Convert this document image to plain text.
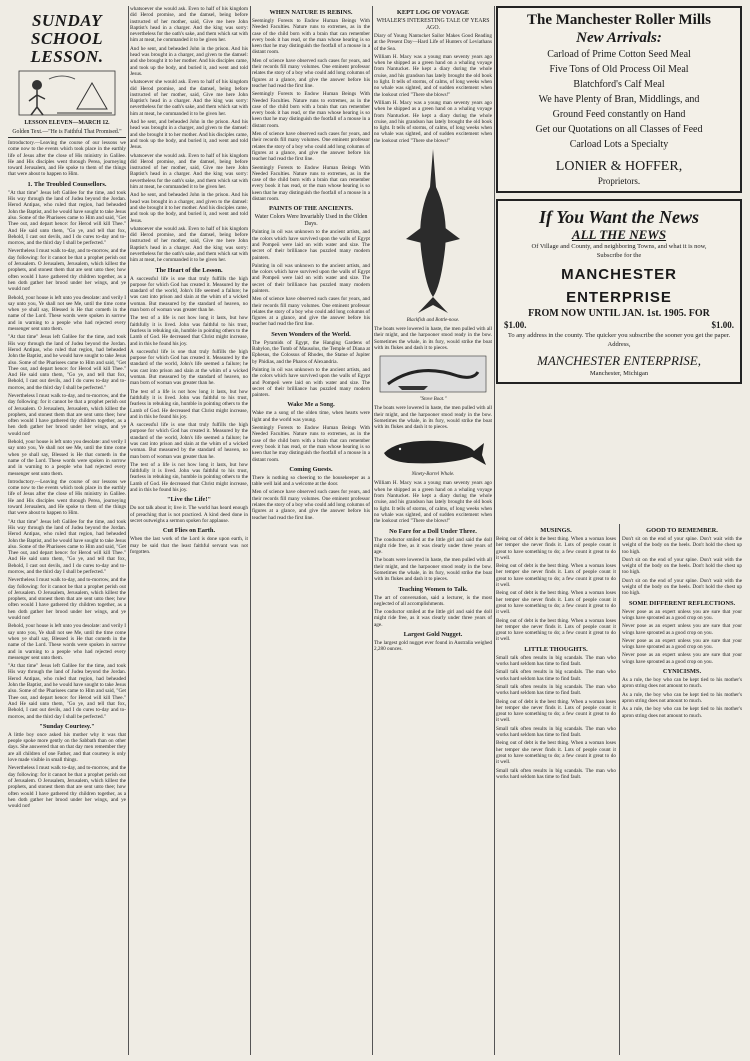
SUNDAY SCHOOL LESSON.
LESSON ELEVEN—MARCH 12.
Golden Text.—"He is Faithful That Promised."

Introductory.—Leaving the course of our lessons we come now to the events which took place in the earthly life of Jesus after the close of His ministry in Galilee. He and His disciples went through Perea, journeying toward Jerusalem, and He spoke to them of the things that were about to happen to Him.

1. The Troubled Counsellors.

"At that time" Jesus left Galilee for the time, and took His way through the land of Judea beyond the Jordan. Herod Antipas, who ruled that region, had beheaded John the Baptist, and he would have sought to take Jesus also. Some of the Pharisees came to Him and said, "Get Thee out, and depart hence: for Herod will kill Thee." And He said unto them, "Go ye, and tell that fox, Behold, I cast out devils, and I do cures to-day and to-morrow, and the third day I shall be perfected."

Nevertheless I must walk to-day, and to-morrow, and the day following: for it cannot be that a prophet perish out of Jerusalem. O Jerusalem, Jerusalem, which killest the prophets, and stonest them that are sent unto thee; how often would I have gathered thy children together, as a hen doth gather her brood under her wings, and ye would not!

Behold, your house is left unto you desolate: and verily I say unto you, Ye shall not see Me, until the time come when ye shall say, Blessed is He that cometh in the name of the Lord. These words were spoken in sorrow and in warning to a people who had rejected every messenger sent unto them.

"At that time" Jesus left Galilee for the time, and took His way through the land of Judea beyond the Jordan. Herod Antipas, who ruled that region, had beheaded John the Baptist, and he would have sought to take Jesus also. Some of the Pharisees came to Him and said, "Get Thee out, and depart hence: for Herod will kill Thee." And He said unto them, "Go ye, and tell that fox, Behold, I cast out devils, and I do cures to-day and to-morrow, and the third day I shall be perfected."

Nevertheless I must walk to-day, and to-morrow, and the day following: for it cannot be that a prophet perish out of Jerusalem. O Jerusalem, Jerusalem, which killest the prophets, and stonest them that are sent unto thee; how often would I have gathered thy children together, as a hen doth gather her brood under her wings, and ye would not!

Behold, your house is left unto you desolate: and verily I say unto you, Ye shall not see Me, until the time come when ye shall say, Blessed is He that cometh in the name of the Lord. These words were spoken in sorrow and in warning to a people who had rejected every messenger sent unto them.

Introductory.—Leaving the course of our lessons we come now to the events which took place in the earthly life of Jesus after the close of His ministry in Galilee. He and His disciples went through Perea, journeying toward Jerusalem, and He spoke to them of the things that were about to happen to Him.

"At that time" Jesus left Galilee for the time, and took His way through the land of Judea beyond the Jordan. Herod Antipas, who ruled that region, had beheaded John the Baptist, and he would have sought to take Jesus also. Some of the Pharisees came to Him and said, "Get Thee out, and depart hence: for Herod will kill Thee." And He said unto them, "Go ye, and tell that fox, Behold, I cast out devils, and I do cures to-day and to-morrow, and the third day I shall be perfected."

Nevertheless I must walk to-day, and to-morrow, and the day following: for it cannot be that a prophet perish out of Jerusalem. O Jerusalem, Jerusalem, which killest the prophets, and stonest them that are sent unto thee; how often would I have gathered thy children together, as a hen doth gather her brood under her wings, and ye would not!

Behold, your house is left unto you desolate: and verily I say unto you, Ye shall not see Me, until the time come when ye shall say, Blessed is He that cometh in the name of the Lord. These words were spoken in sorrow and in warning to a people who had rejected every messenger sent unto them.

"At that time" Jesus left Galilee for the time, and took His way through the land of Judea beyond the Jordan. Herod Antipas, who ruled that region, had beheaded John the Baptist, and he would have sought to take Jesus also. Some of the Pharisees came to Him and said, "Get Thee out, and depart hence: for Herod will kill Thee." And He said unto them, "Go ye, and tell that fox, Behold, I cast out devils, and I do cures to-day and to-morrow, and the third day I shall be perfected."

"Sunday Courtesy."

A little boy once asked his mother why it was that people spoke more gently on the Sabbath than on other days. She answered that on that day men remember they are all children of one Father, and that courtesy is only love made visible in small things.

Nevertheless I must walk to-day, and to-morrow, and the day following: for it cannot be that a prophet perish out of Jerusalem. O Jerusalem, Jerusalem, which killest the prophets, and stonest them that are sent unto thee; how often would I have gathered thy children together, as a hen doth gather her brood under her wings, and ye would not!

whatsoever she would ask. Even to half of his kingdom did Herod promise, and the damsel, being before instructed of her mother, said, Give me here John Baptist's head in a charger. And the king was sorry: nevertheless for the oath's sake, and them which sat with him at meat, he commanded it to be given her.

And he sent, and beheaded John in the prison. And his head was brought in a charger, and given to the damsel: and she brought it to her mother. And his disciples came, and took up the body, and buried it, and went and told Jesus.

whatsoever she would ask. Even to half of his kingdom did Herod promise, and the damsel, being before instructed of her mother, said, Give me here John Baptist's head in a charger. And the king was sorry: nevertheless for the oath's sake, and them which sat with him at meat, he commanded it to be given her.

And he sent, and beheaded John in the prison. And his head was brought in a charger, and given to the damsel: and she brought it to her mother. And his disciples came, and took up the body, and buried it, and went and told Jesus.

whatsoever she would ask. Even to half of his kingdom did Herod promise, and the damsel, being before instructed of her mother, said, Give me here John Baptist's head in a charger. And the king was sorry: nevertheless for the oath's sake, and them which sat with him at meat, he commanded it to be given her.

And he sent, and beheaded John in the prison. And his head was brought in a charger, and given to the damsel: and she brought it to her mother. And his disciples came, and took up the body, and buried it, and went and told Jesus.

whatsoever she would ask. Even to half of his kingdom did Herod promise, and the damsel, being before instructed of her mother, said, Give me here John Baptist's head in a charger. And the king was sorry: nevertheless for the oath's sake, and them which sat with him at meat, he commanded it to be given her.

The Heart of the Lesson.

A successful life is one that truly fulfills the high purpose for which God has created it. Measured by the standard of the world, John's life seemed a failure; he was cast into prison and slain at the whim of a wicked woman. But measured by the standard of heaven, no man born of woman was greater than he.

The test of a life is not how long it lasts, but how faithfully it is lived. John was faithful to his trust, fearless in rebuking sin, humble in pointing others to the Lamb of God. He decreased that Christ might increase, and in this he found his joy.

A successful life is one that truly fulfills the high purpose for which God has created it. Measured by the standard of the world, John's life seemed a failure; he was cast into prison and slain at the whim of a wicked woman. But measured by the standard of heaven, no man born of woman was greater than he.

The test of a life is not how long it lasts, but how faithfully it is lived. John was faithful to his trust, fearless in rebuking sin, humble in pointing others to the Lamb of God. He decreased that Christ might increase, and in this he found his joy.

A successful life is one that truly fulfills the high purpose for which God has created it. Measured by the standard of the world, John's life seemed a failure; he was cast into prison and slain at the whim of a wicked woman. But measured by the standard of heaven, no man born of woman was greater than he.

The test of a life is not how long it lasts, but how faithfully it is lived. John was faithful to his trust, fearless in rebuking sin, humble in pointing others to the Lamb of God. He decreased that Christ might increase, and in this he found his joy.

"Live the Life!"

Do not talk about it; live it. The world has heard enough of preaching that is not practiced. A kind deed done in secret outweighs a sermon spoken for applause.

Cut Flies on Earth.

When the last work of the Lord is done upon earth, it may be said that the least faithful servant was not forgotten.

WHEN NATURE IS REBINS.

Seemingly Forests to Endow Human Beings With Needed Faculties. Nature runs to extremes, as in the case of the child born with a brain that can remember every book it has read, or the man whose hearing is so keen that he may distinguish the footfall of a mouse in a distant room.

Men of science have observed such cases for years, and their records fill many volumes. One eminent professor relates the story of a boy who could add long columns of figures at a glance, and give the answer before his teacher had read the first line.

Seemingly Forests to Endow Human Beings With Needed Faculties. Nature runs to extremes, as in the case of the child born with a brain that can remember every book it has read, or the man whose hearing is so keen that he may distinguish the footfall of a mouse in a distant room.

Men of science have observed such cases for years, and their records fill many volumes. One eminent professor relates the story of a boy who could add long columns of figures at a glance, and give the answer before his teacher had read the first line.

Seemingly Forests to Endow Human Beings With Needed Faculties. Nature runs to extremes, as in the case of the child born with a brain that can remember every book it has read, or the man whose hearing is so keen that he may distinguish the footfall of a mouse in a distant room.

PAINTS OF THE ANCIENTS.
Water Colors Were Invariably Used in the Olden Days.

Painting in oil was unknown to the ancient artists, and the colors which have survived upon the walls of Egypt and Pompeii were laid on with water and size. The secret of their brilliance has puzzled many modern painters.

Painting in oil was unknown to the ancient artists, and the colors which have survived upon the walls of Egypt and Pompeii were laid on with water and size. The secret of their brilliance has puzzled many modern painters.

Men of science have observed such cases for years, and their records fill many volumes. One eminent professor relates the story of a boy who could add long columns of figures at a glance, and give the answer before his teacher had read the first line.

Seven Wonders of the World.

The Pyramids of Egypt, the Hanging Gardens of Babylon, the Tomb of Mausolus, the Temple of Diana at Ephesus, the Colossus of Rhodes, the Statue of Jupiter by Phidias, and the Pharos of Alexandria.

Painting in oil was unknown to the ancient artists, and the colors which have survived upon the walls of Egypt and Pompeii were laid on with water and size. The secret of their brilliance has puzzled many modern painters.

Wake Me a Song.

Wake me a song of the olden time, when hearts were light and the world was young.

Seemingly Forests to Endow Human Beings With Needed Faculties. Nature runs to extremes, as in the case of the child born with a brain that can remember every book it has read, or the man whose hearing is so keen that he may distinguish the footfall of a mouse in a distant room.

Coming Guests.

There is nothing so cheering to the housekeeper as a table well laid and a welcome at the door.

Men of science have observed such cases for years, and their records fill many volumes. One eminent professor relates the story of a boy who could add long columns of figures at a glance, and give the answer before his teacher had read the first line.

KEPT LOG OF VOYAGE
WHALER'S INTERESTING TALE OF YEARS AGO.

Diary of Young Nantucket Sailor Makes Good Reading at the Present Day—Hard Life of Hunters of Leviathans of the Sea.

William H. Macy was a young man seventy years ago when he shipped as a green hand on a whaling voyage from Nantucket. He kept a diary during the whole cruise, and his grandson has lately brought the old book to light. It tells of storms, of calms, of long weeks when no whale was sighted, and of sudden excitement when the lookout cried "There she blows!"

William H. Macy was a young man seventy years ago when he shipped as a green hand on a whaling voyage from Nantucket. He kept a diary during the whole cruise, and his grandson has lately brought the old book to light. It tells of storms, of calms, of long weeks when no whale was sighted, and of sudden excitement when the lookout cried "There she blows!"

Blackfish and Bottle-nose.

The boats were lowered in haste, the men pulled with all their might, and the harpooner stood ready in the bow. Sometimes the whale, in its fury, would strike the boat with its flukes and dash it to pieces.

"Stove Boat."

The boats were lowered in haste, the men pulled with all their might, and the harpooner stood ready in the bow. Sometimes the whale, in its fury, would strike the boat with its flukes and dash it to pieces.

Ninety-Barrel Whale.

William H. Macy was a young man seventy years ago when he shipped as a green hand on a whaling voyage from Nantucket. He kept a diary during the whole cruise, and his grandson has lately brought the old book to light. It tells of storms, of calms, of long weeks when no whale was sighted, and of sudden excitement when the lookout cried "There she blows!"

No Fare for a Doll Under Three.

The conductor smiled at the little girl and said the doll might ride free, as it was clearly under three years of age.

The boats were lowered in haste, the men pulled with all their might, and the harpooner stood ready in the bow. Sometimes the whale, in its fury, would strike the boat with its flukes and dash it to pieces.

Teaching Women to Talk.

The art of conversation, said a lecturer, is the most neglected of all accomplishments.

The conductor smiled at the little girl and said the doll might ride free, as it was clearly under three years of age.

Largest Gold Nugget.

The largest gold nugget ever found in Australia weighed 2,280 ounces.

The Manchester Roller Mills
New Arrivals:
Carload of Prime Cotton Seed Meal
Five Tons of Old Process Oil Meal
Blatchford's Calf Meal
We have Plenty of Bran, Middlings, and
Ground Feed constantly on Hand
Get our Quotations on all Classes of Feed
Carload Lots a Specialty
LONIER & HOFFER,
Proprietors.
If You Want the News
ALL THE NEWS
Of Village and County, and neighboring Towns, and what it is now,
Subscribe for the
MANCHESTER
ENTERPRISE
FROM NOW UNTIL JAN. 1st. 1905. FOR
$1.00.	$1.00.
To any address in the county. The quicker you subscribe the sooner you get the paper. Address,
MANCHESTER ENTERPRISE,
Manchester, Michigan
MUSINGS.

Being out of debt is the best thing. When a woman loses her temper she never finds it. Lots of people count it great to have something to do; a few count it great to do it well.

Being out of debt is the best thing. When a woman loses her temper she never finds it. Lots of people count it great to have something to do; a few count it great to do it well.

Being out of debt is the best thing. When a woman loses her temper she never finds it. Lots of people count it great to have something to do; a few count it great to do it well.

Being out of debt is the best thing. When a woman loses her temper she never finds it. Lots of people count it great to have something to do; a few count it great to do it well.

LITTLE THOUGHTS.

Small talk often results in big scandals. The man who works hard seldom has time to find fault.

Small talk often results in big scandals. The man who works hard seldom has time to find fault.

Small talk often results in big scandals. The man who works hard seldom has time to find fault.

Being out of debt is the best thing. When a woman loses her temper she never finds it. Lots of people count it great to have something to do; a few count it great to do it well.

Small talk often results in big scandals. The man who works hard seldom has time to find fault.

Being out of debt is the best thing. When a woman loses her temper she never finds it. Lots of people count it great to have something to do; a few count it great to do it well.

Small talk often results in big scandals. The man who works hard seldom has time to find fault.

GOOD TO REMEMBER.

Don't sit on the end of your spine. Don't wait with the weight of the body on the heels. Don't hold the chest up too high.

Don't sit on the end of your spine. Don't wait with the weight of the body on the heels. Don't hold the chest up too high.

Don't sit on the end of your spine. Don't wait with the weight of the body on the heels. Don't hold the chest up too high.

SOME DIFFERENT REFLECTIONS.

Never pose as an expert unless you are sure that your wings have sprouted as a good crop on you.

Never pose as an expert unless you are sure that your wings have sprouted as a good crop on you.

Never pose as an expert unless you are sure that your wings have sprouted as a good crop on you.

Never pose as an expert unless you are sure that your wings have sprouted as a good crop on you.

CYNICISMS.

As a rule, the boy who can be kept tied to his mother's apron string does not amount to much.

As a rule, the boy who can be kept tied to his mother's apron string does not amount to much.

As a rule, the boy who can be kept tied to his mother's apron string does not amount to much.
